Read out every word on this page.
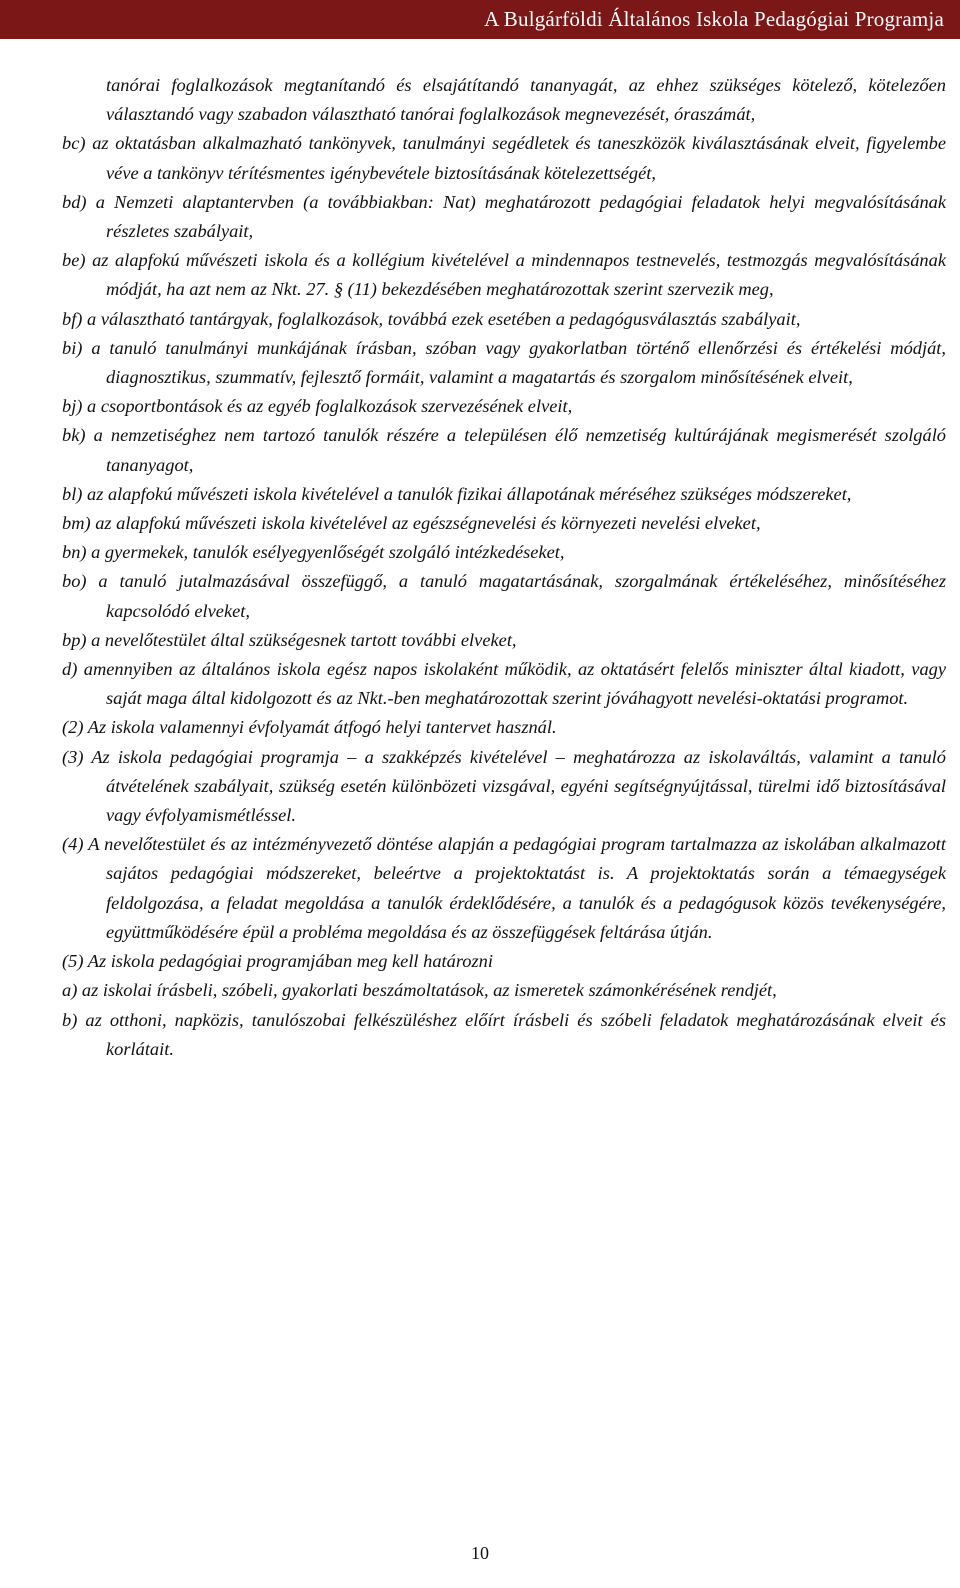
A Bulgárföldi Általános Iskola Pedagógiai Programja

tanórai foglalkozások megtanítandó és elsajátítandó tananyagát, az ehhez szükséges kötelező, kötelezően választandó vagy szabadon választható tanórai foglalkozások megnevezését, óraszámát,

bc) az oktatásban alkalmazható tankönyvek, tanulmányi segédletek és taneszközök kiválasztásának elveit, figyelembe véve a tankönyv térítésmentes igénybevétele biztosításának kötelezettségét,

bd) a Nemzeti alaptantervben (a továbbiakban: Nat) meghatározott pedagógiai feladatok helyi megvalósításának részletes szabályait,

be) az alapfokú művészeti iskola és a kollégium kivételével a mindennapos testnevelés, testmozgás megvalósításának módját, ha azt nem az Nkt. 27. § (11) bekezdésében meghatározottak szerint szervezik meg,

bf) a választható tantárgyak, foglalkozások, továbbá ezek esetében a pedagógusválasztás szabályait,

bi) a tanuló tanulmányi munkájának írásban, szóban vagy gyakorlatban történő ellenőrzési és értékelési módját, diagnosztikus, szummatív, fejlesztő formáit, valamint a magatartás és szorgalom minősítésének elveit,

bj) a csoportbontások és az egyéb foglalkozások szervezésének elveit,

bk) a nemzetiséghez nem tartozó tanulók részére a településen élő nemzetiség kultúrájának megismerését szolgáló tananyagot,

bl) az alapfokú művészeti iskola kivételével a tanulók fizikai állapotának méréséhez szükséges módszereket,

bm) az alapfokú művészeti iskola kivételével az egészségnevelési és környezeti nevelési elveket,

bn) a gyermekek, tanulók esélyegyenlőségét szolgáló intézkedéseket,

bo) a tanuló jutalmazásával összefüggő, a tanuló magatartásának, szorgalmának értékeléséhez, minősítéséhez kapcsolódó elveket,

bp) a nevelőtestület által szükségesnek tartott további elveket,

d) amennyiben az általános iskola egész napos iskolaként működik, az oktatásért felelős miniszter által kiadott, vagy saját maga által kidolgozott és az Nkt.-ben meghatározottak szerint jóváhagyott nevelési-oktatási programot.

(2) Az iskola valamennyi évfolyamát átfogó helyi tantervet használ.

(3) Az iskola pedagógiai programja – a szakképzés kivételével – meghatározza az iskolaváltás, valamint a tanuló átvételének szabályait, szükség esetén különbözeti vizsgával, egyéni segítségnyújtással, türelmi idő biztosításával vagy évfolyamismétléssel.

(4) A nevelőtestület és az intézményvezető döntése alapján a pedagógiai program tartalmazza az iskolában alkalmazott sajátos pedagógiai módszereket, beleértve a projektoktatást is. A projektoktatás során a témaegységek feldolgozása, a feladat megoldása a tanulók érdeklődésére, a tanulók és a pedagógusok közös tevékenységére, együttműködésére épül a probléma megoldása és az összefüggések feltárása útján.

(5) Az iskola pedagógiai programjában meg kell határozni

a) az iskolai írásbeli, szóbeli, gyakorlati beszámoltatások, az ismeretek számonkérésének rendjét,

b) az otthoni, napközis, tanulószobai felkészüléshez előírt írásbeli és szóbeli feladatok meghatározásának elveit és korlátait.

10
